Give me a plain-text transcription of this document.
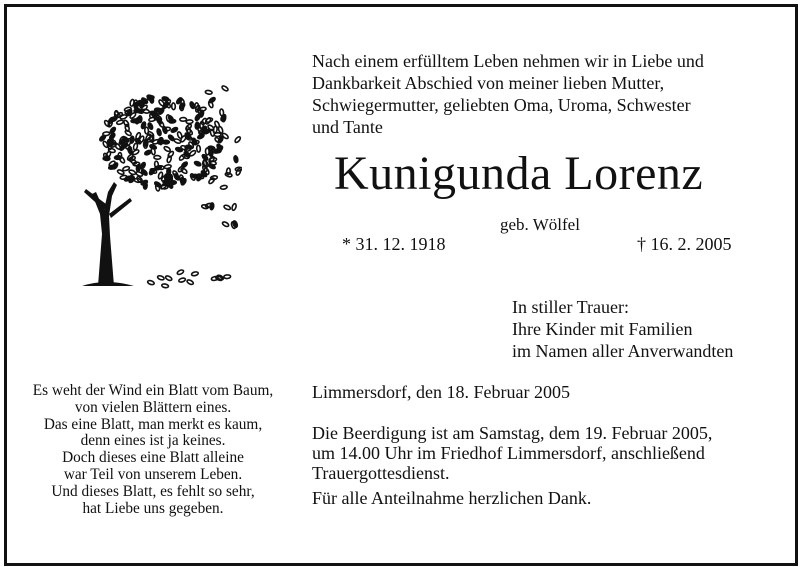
Nach einem erfülltem Leben nehmen wir in Liebe und
Dankbarkeit Abschied von meiner lieben Mutter,
Schwiegermutter, geliebten Oma, Uroma, Schwester
und Tante
Kunigunda Lorenz
geb. Wölfel
* 31. 12. 1918	† 16. 2. 2005
In stiller Trauer:
Ihre Kinder mit Familien
im Namen aller Anverwandten
Es weht der Wind ein Blatt vom Baum,
von vielen Blättern eines.
Das eine Blatt, man merkt es kaum,
denn eines ist ja keines.
Doch dieses eine Blatt alleine
war Teil von unserem Leben.
Und dieses Blatt, es fehlt so sehr,
hat Liebe uns gegeben.
Limmersdorf, den 18. Februar 2005
Die Beerdigung ist am Samstag, dem 19. Februar 2005,
um 14.00 Uhr im Friedhof Limmersdorf, anschließend
Trauergottesdienst.
Für alle Anteilnahme herzlichen Dank.
